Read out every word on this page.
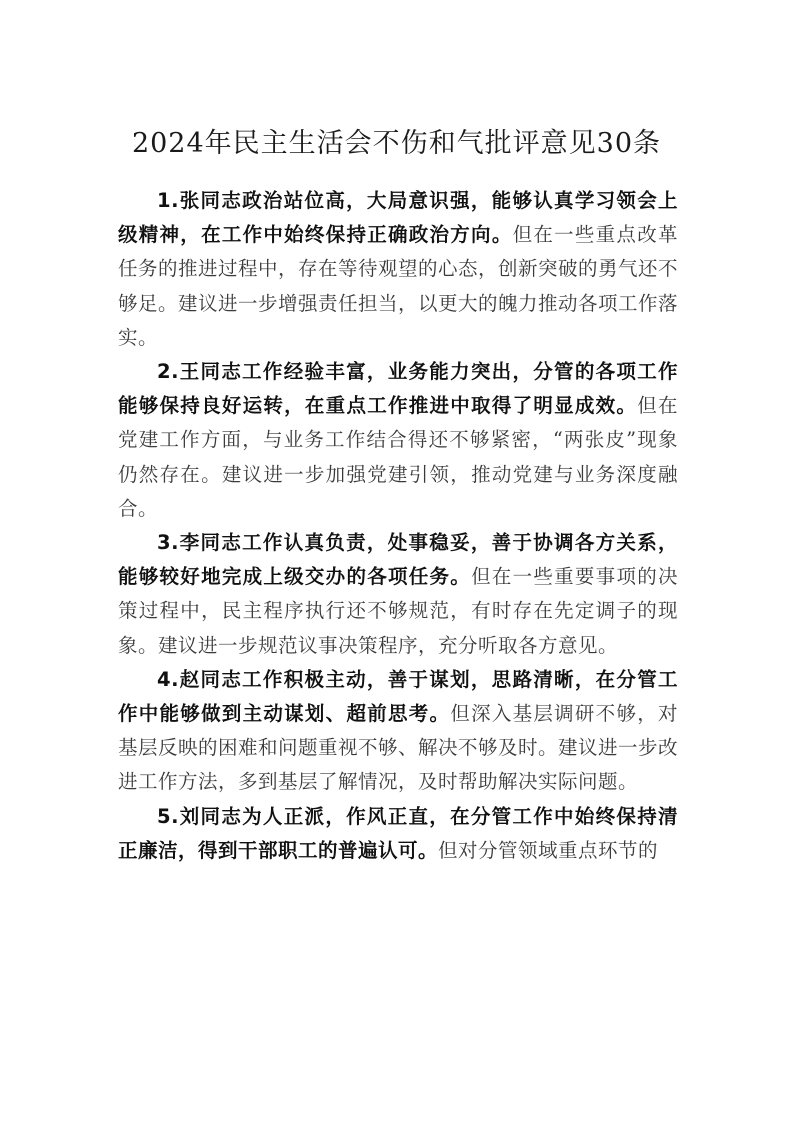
2024年民主生活会不伤和气批评意见30条

1.张同志政治站位高，大局意识强，能够认真学习领会上级精神，在工作中始终保持正确政治方向。但在一些重点改革任务的推进过程中，存在等待观望的心态，创新突破的勇气还不够足。建议进一步增强责任担当，以更大的魄力推动各项工作落实。

2.王同志工作经验丰富，业务能力突出，分管的各项工作能够保持良好运转，在重点工作推进中取得了明显成效。但在党建工作方面，与业务工作结合得还不够紧密，“两张皮”现象仍然存在。建议进一步加强党建引领，推动党建与业务深度融合。

3.李同志工作认真负责，处事稳妥，善于协调各方关系，能够较好地完成上级交办的各项任务。但在一些重要事项的决策过程中，民主程序执行还不够规范，有时存在先定调子的现象。建议进一步规范议事决策程序，充分听取各方意见。

4.赵同志工作积极主动，善于谋划，思路清晰，在分管工作中能够做到主动谋划、超前思考。但深入基层调研不够，对基层反映的困难和问题重视不够、解决不够及时。建议进一步改进工作方法，多到基层了解情况，及时帮助解决实际问题。

5.刘同志为人正派，作风正直，在分管工作中始终保持清正廉洁，得到干部职工的普遍认可。但对分管领域重点环节的
